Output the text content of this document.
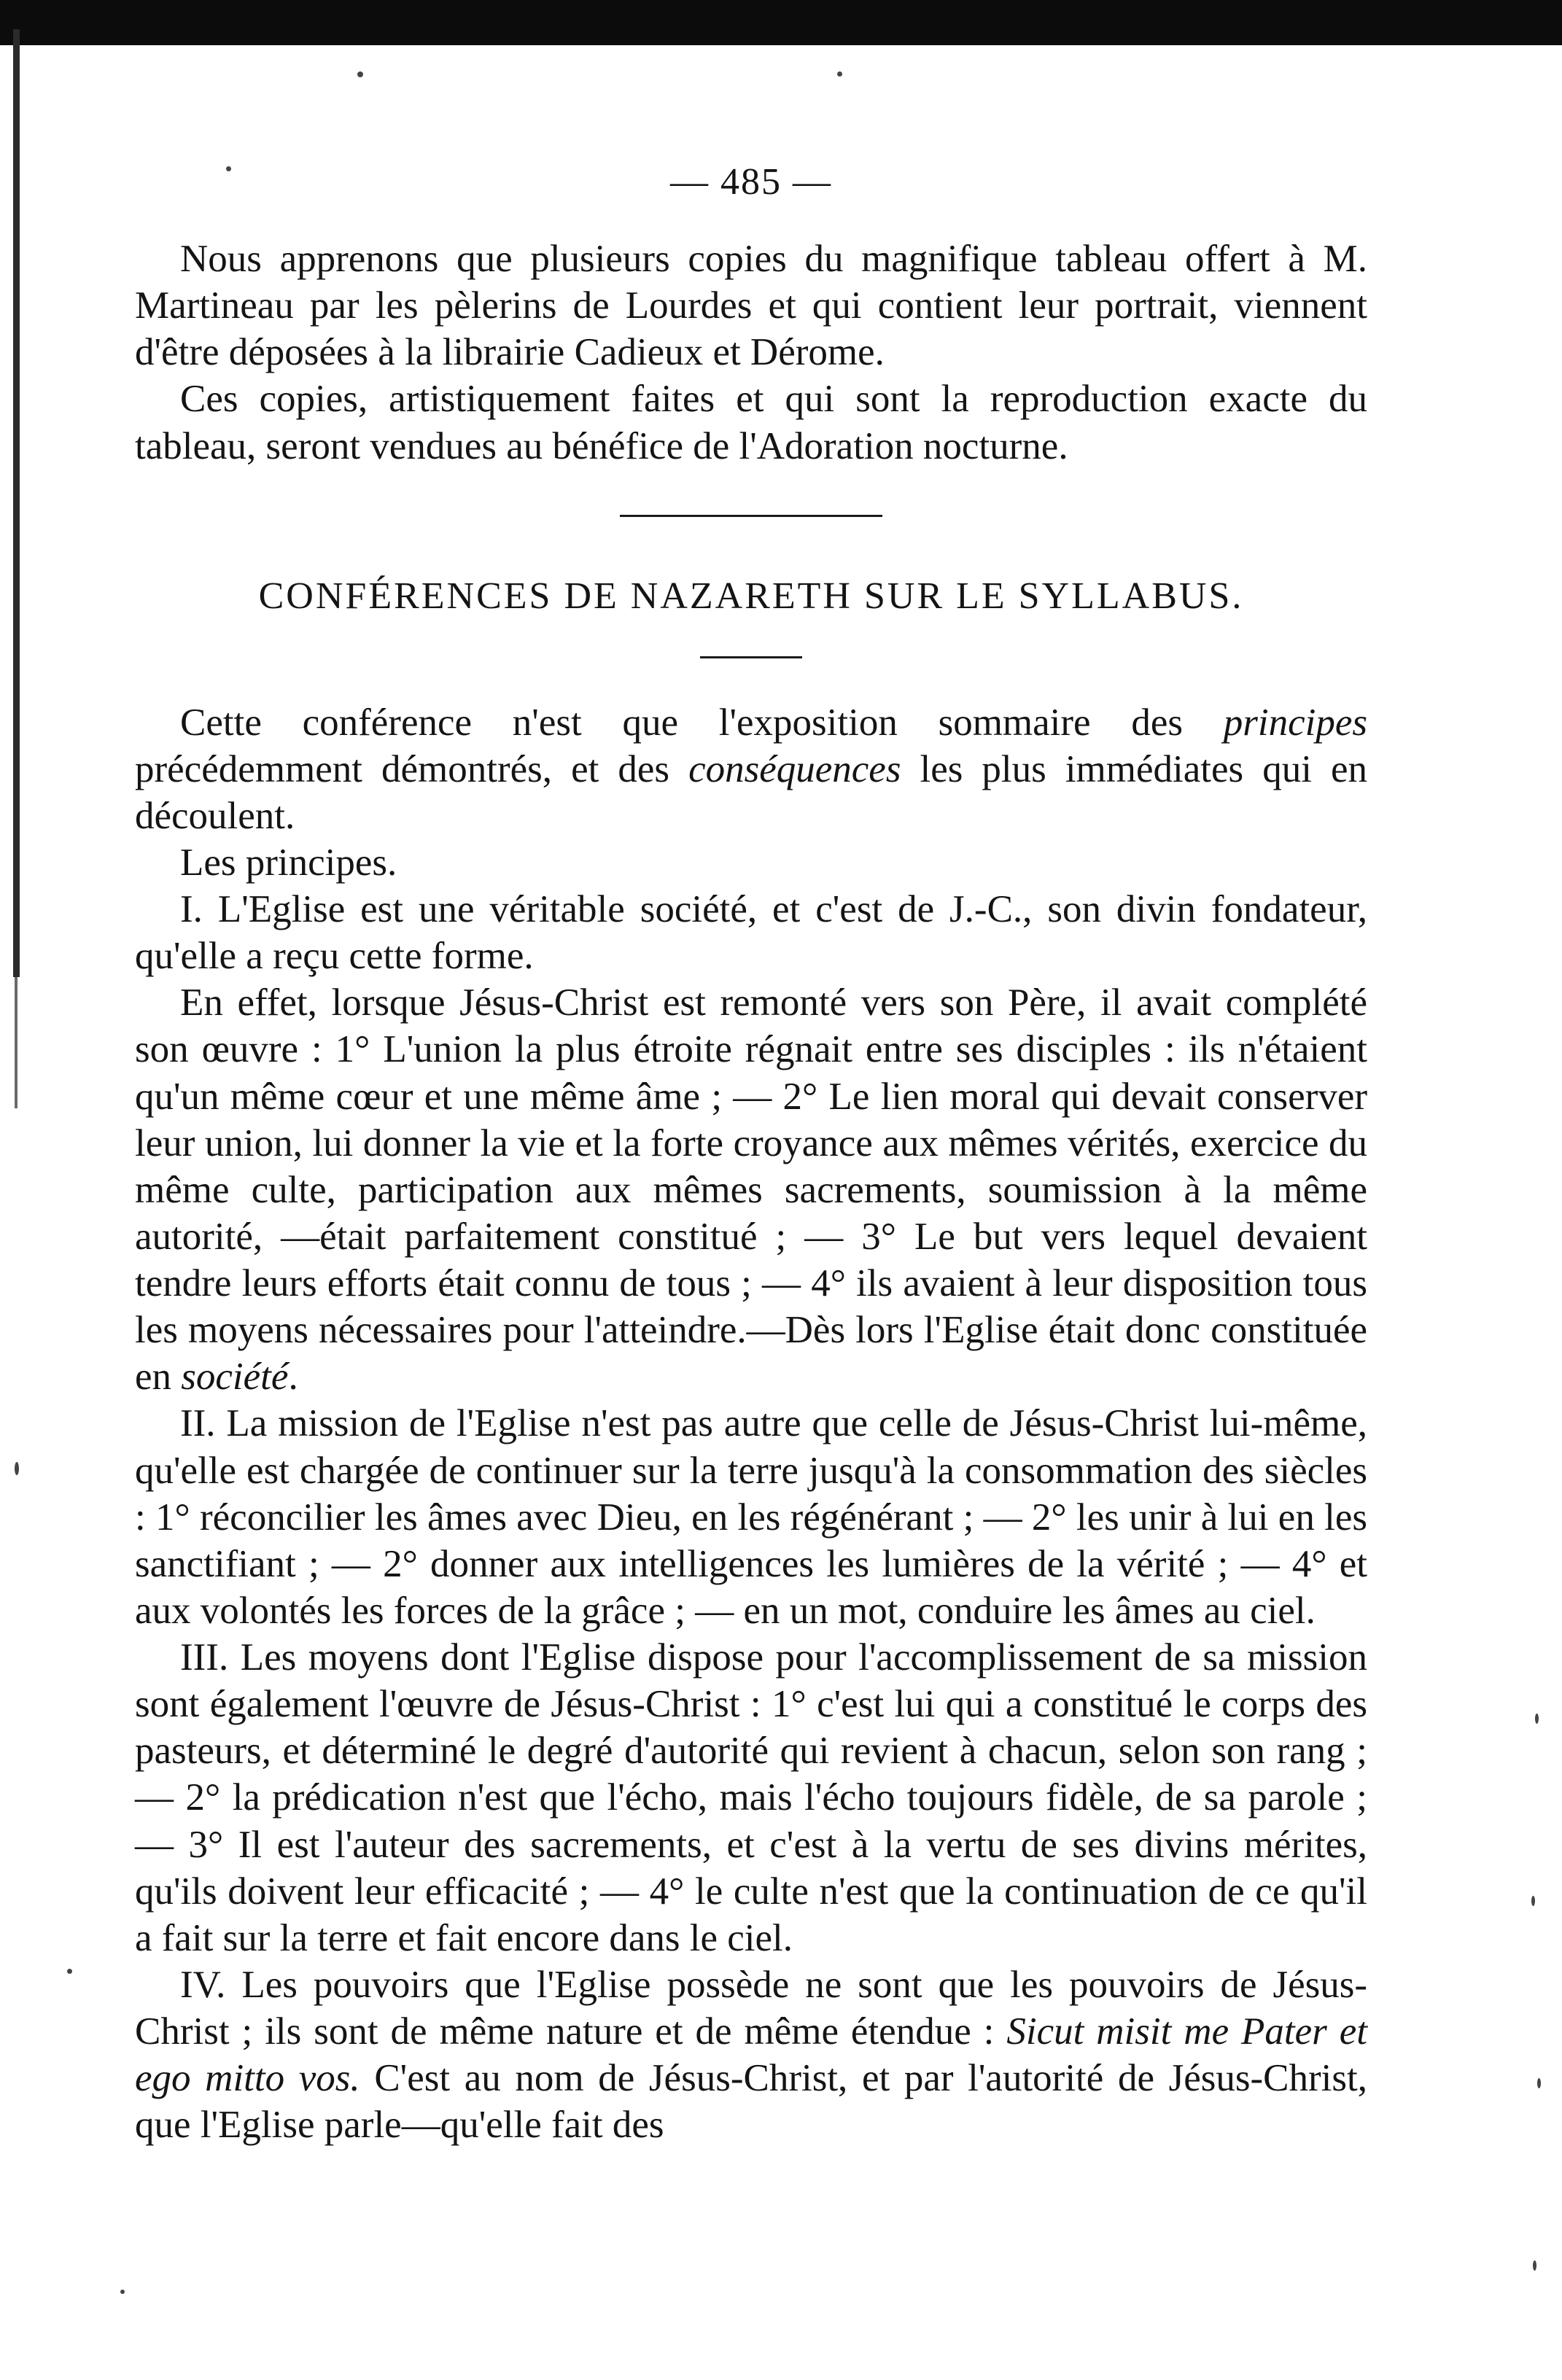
— 485 —

Nous apprenons que plusieurs copies du magnifique tableau offert à M. Martineau par les pèlerins de Lourdes et qui contient leur portrait, viennent d'être déposées à la librairie Cadieux et Dérome.

Ces copies, artistiquement faites et qui sont la reproduction exacte du tableau, seront vendues au bénéfice de l'Adoration nocturne.

CONFÉRENCES DE NAZARETH SUR LE SYLLABUS.

Cette conférence n'est que l'exposition sommaire des principes précédemment démontrés, et des conséquences les plus immédiates qui en découlent.

Les principes.

I. L'Eglise est une véritable société, et c'est de J.-C., son divin fondateur, qu'elle a reçu cette forme.

En effet, lorsque Jésus-Christ est remonté vers son Père, il avait complété son œuvre : 1° L'union la plus étroite régnait entre ses disciples : ils n'étaient qu'un même cœur et une même âme ; — 2° Le lien moral qui devait conserver leur union, lui donner la vie et la forte croyance aux mêmes vérités, exercice du même culte, participation aux mêmes sacrements, soumission à la même autorité, —était parfaitement constitué ; — 3° Le but vers lequel devaient tendre leurs efforts était connu de tous ; — 4° ils avaient à leur disposition tous les moyens nécessaires pour l'atteindre.—Dès lors l'Eglise était donc constituée en société.

II. La mission de l'Eglise n'est pas autre que celle de Jésus-Christ lui-même, qu'elle est chargée de continuer sur la terre jusqu'à la consommation des siècles : 1° réconcilier les âmes avec Dieu, en les régénérant ; — 2° les unir à lui en les sanctifiant ; — 2° donner aux intelligences les lumières de la vérité ; — 4° et aux volontés les forces de la grâce ; — en un mot, conduire les âmes au ciel.

III. Les moyens dont l'Eglise dispose pour l'accomplissement de sa mission sont également l'œuvre de Jésus-Christ : 1° c'est lui qui a constitué le corps des pasteurs, et déterminé le degré d'autorité qui revient à chacun, selon son rang ;— 2° la prédication n'est que l'écho, mais l'écho toujours fidèle, de sa parole ; — 3° Il est l'auteur des sacrements, et c'est à la vertu de ses divins mérites, qu'ils doivent leur efficacité ; — 4° le culte n'est que la continuation de ce qu'il a fait sur la terre et fait encore dans le ciel.

IV. Les pouvoirs que l'Eglise possède ne sont que les pouvoirs de Jésus-Christ ; ils sont de même nature et de même étendue : Sicut misit me Pater et ego mitto vos. C'est au nom de Jésus-Christ, et par l'autorité de Jésus-Christ, que l'Eglise parle—qu'elle fait des
